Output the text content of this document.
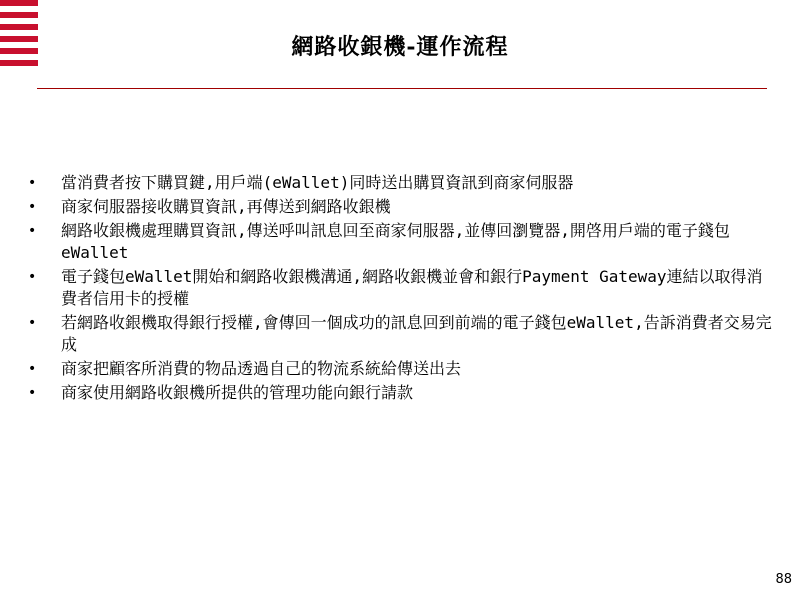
網路收銀機-運作流程
• 當消費者按下購買鍵,用戶端(eWallet)同時送出購買資訊到商家伺服器
• 商家伺服器接收購買資訊,再傳送到網路收銀機
• 網路收銀機處理購買資訊,傳送呼叫訊息回至商家伺服器,並傳回瀏覽器,開啓用戶端的電子錢包eWallet
• 電子錢包eWallet開始和網路收銀機溝通,網路收銀機並會和銀行Payment Gateway連結以取得消費者信用卡的授權
• 若網路收銀機取得銀行授權,會傳回一個成功的訊息回到前端的電子錢包eWallet,告訴消費者交易完成
• 商家把顧客所消費的物品透過自己的物流系統給傳送出去
• 商家使用網路收銀機所提供的管理功能向銀行請款
88
